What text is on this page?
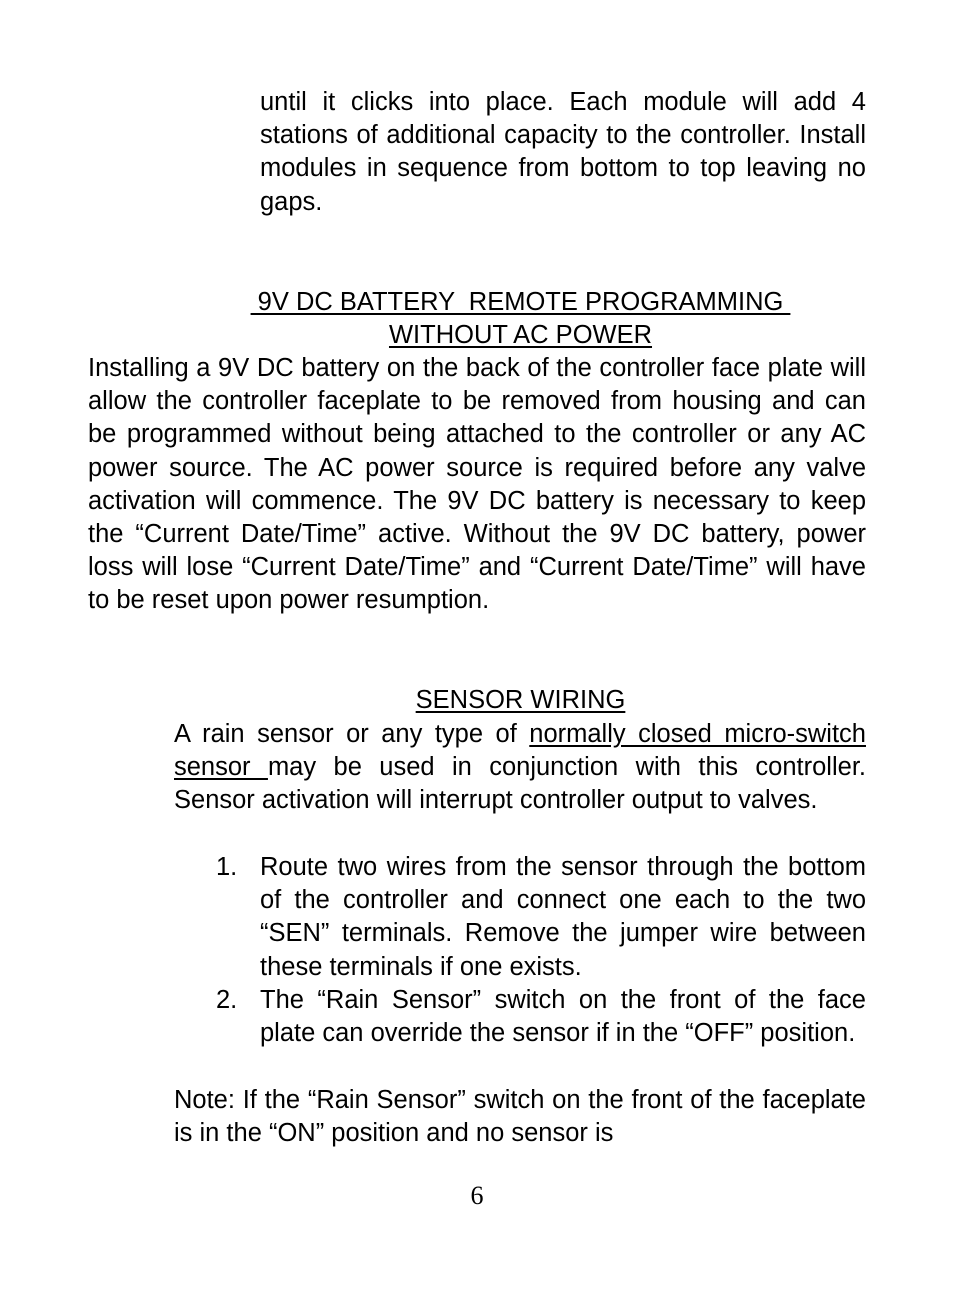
until it clicks into place. Each module will add 4 stations of additional capacity to the controller. Install modules in sequence from bottom to top leaving no gaps.

9V DC BATTERY  REMOTE PROGRAMMING
WITHOUT AC POWER

Installing a 9V DC battery on the back of the controller face plate will allow the controller faceplate to be removed from housing and can be programmed without being attached to the controller or any AC power source. The AC power source is required before any valve activation will commence. The 9V DC battery is necessary to keep the “Current Date/Time” active. Without the 9V DC battery, power loss will lose “Current Date/Time” and “Current Date/Time” will have to be reset upon power resumption.

SENSOR WIRING

A rain sensor or any type of normally closed micro-switch sensor may be used in conjunction with this controller. Sensor activation will interrupt controller output to valves.

1. Route two wires from the sensor through the bottom of the controller and connect one each to the two “SEN” terminals. Remove the jumper wire between these terminals if one exists.
2. The “Rain Sensor” switch on the front of the face plate can override the sensor if in the “OFF” position.

Note: If the “Rain Sensor” switch on the front of the faceplate is in the “ON” position and no sensor is

6
